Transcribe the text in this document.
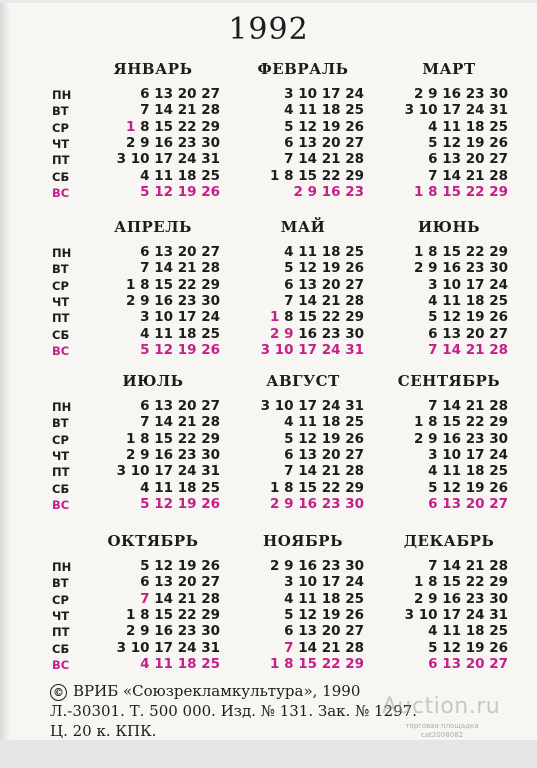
1992
ЯНВАРЬ
ПН
ВТ
СР
ЧТ
ПТ
СБ
ВС
6 13 20 27
7 14 21 28
1 8 15 22 29
2 9 16 23 30
3 10 17 24 31
4 11 18 25
5 12 19 26
ФЕВРАЛЬ
3 10 17 24
4 11 18 25
5 12 19 26
6 13 20 27
7 14 21 28
1 8 15 22 29
2 9 16 23
МАРТ
2 9 16 23 30
3 10 17 24 31
4 11 18 25
5 12 19 26
6 13 20 27
7 14 21 28
1 8 15 22 29
АПРЕЛЬ
ПН
ВТ
СР
ЧТ
ПТ
СБ
ВС
6 13 20 27
7 14 21 28
1 8 15 22 29
2 9 16 23 30
3 10 17 24
4 11 18 25
5 12 19 26
МАЙ
4 11 18 25
5 12 19 26
6 13 20 27
7 14 21 28
1 8 15 22 29
2 9 16 23 30
3 10 17 24 31
ИЮНЬ
1 8 15 22 29
2 9 16 23 30
3 10 17 24
4 11 18 25
5 12 19 26
6 13 20 27
7 14 21 28
ИЮЛЬ
ПН
ВТ
СР
ЧТ
ПТ
СБ
ВС
6 13 20 27
7 14 21 28
1 8 15 22 29
2 9 16 23 30
3 10 17 24 31
4 11 18 25
5 12 19 26
АВГУСТ
3 10 17 24 31
4 11 18 25
5 12 19 26
6 13 20 27
7 14 21 28
1 8 15 22 29
2 9 16 23 30
СЕНТЯБРЬ
7 14 21 28
1 8 15 22 29
2 9 16 23 30
3 10 17 24
4 11 18 25
5 12 19 26
6 13 20 27
ОКТЯБРЬ
ПН
ВТ
СР
ЧТ
ПТ
СБ
ВС
5 12 19 26
6 13 20 27
7 14 21 28
1 8 15 22 29
2 9 16 23 30
3 10 17 24 31
4 11 18 25
НОЯБРЬ
2 9 16 23 30
3 10 17 24
4 11 18 25
5 12 19 26
6 13 20 27
7 14 21 28
1 8 15 22 29
ДЕКАБРЬ
7 14 21 28
1 8 15 22 29
2 9 16 23 30
3 10 17 24 31
4 11 18 25
5 12 19 26
6 13 20 27
© ВРИБ «Союзрекламкультура», 1990
Л.-30301. Т. 500 000. Изд. № 131. Зак. № 1297.
Ц. 20 к. КПК.
Auction.ru
торговая площадка
cat2008082
